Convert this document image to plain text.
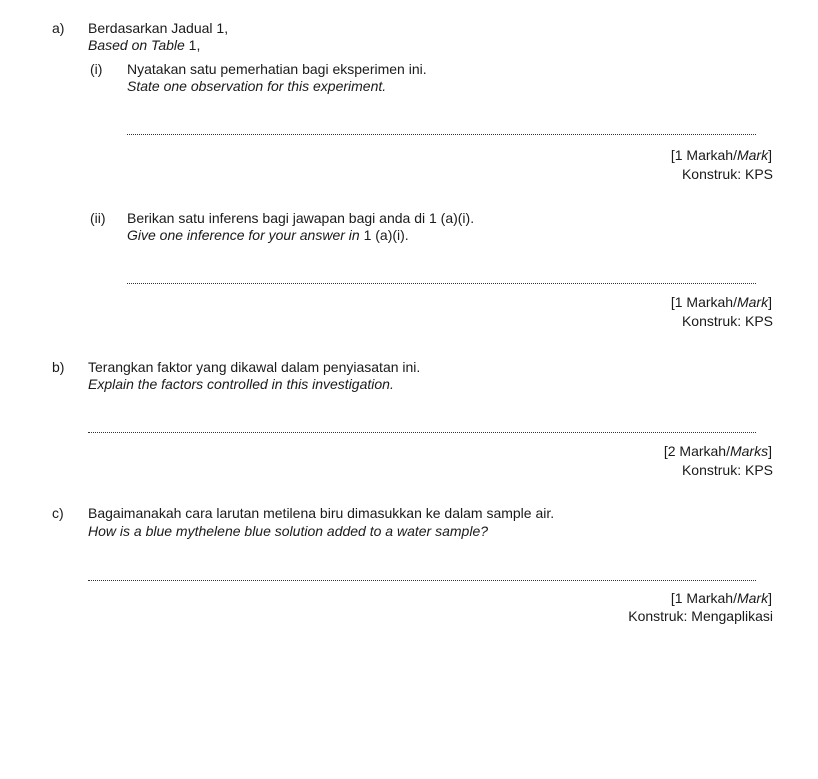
a) Berdasarkan Jadual 1,
Based on Table 1,
(i) Nyatakan satu pemerhatian bagi eksperimen ini.
State one observation for this experiment.
[1 Markah/Mark]
Konstruk: KPS
(ii) Berikan satu inferens bagi jawapan bagi anda di 1 (a)(i).
Give one inference for your answer in 1 (a)(i).
[1 Markah/Mark]
Konstruk: KPS
b) Terangkan faktor yang dikawal dalam penyiasatan ini.
Explain the factors controlled in this investigation.
[2 Markah/Marks]
Konstruk: KPS
c) Bagaimanakah cara larutan metilena biru dimasukkan ke dalam sample air.
How is a blue mythelene blue solution added to a water sample?
[1 Markah/Mark]
Konstruk: Mengaplikasi
